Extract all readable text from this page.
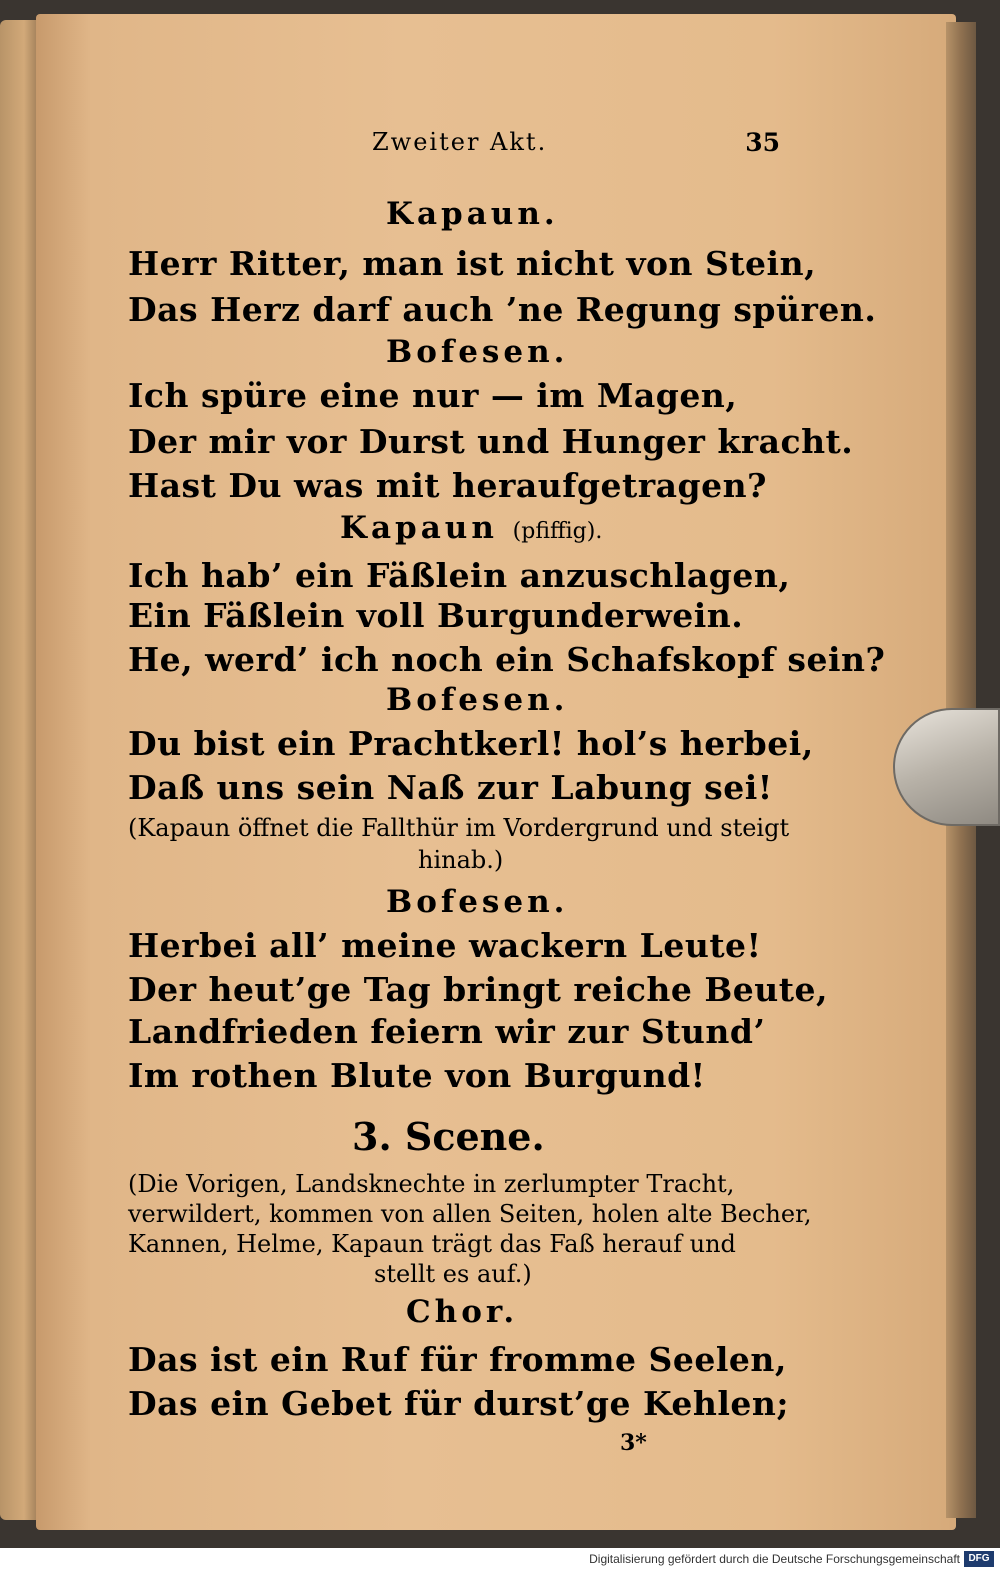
Zweiter Akt.	35
Kapaun.
Herr Ritter, man ist nicht von Stein,
Das Herz darf auch ’ne Regung spüren.
Bofesen.
Ich spüre eine nur — im Magen,
Der mir vor Durst und Hunger kracht.
Hast Du was mit heraufgetragen?
Kapaun (pfiffig).
Ich hab’ ein Fäßlein anzuschlagen,
Ein Fäßlein voll Burgunderwein.
He, werd’ ich noch ein Schafskopf sein?
Bofesen.
Du bist ein Prachtkerl! hol’s herbei,
Daß uns sein Naß zur Labung sei!
(Kapaun öffnet die Fallthür im Vordergrund und steigt
hinab.)
Bofesen.
Herbei all’ meine wackern Leute!
Der heut’ge Tag bringt reiche Beute,
Landfrieden feiern wir zur Stund’
Im rothen Blute von Burgund!
3. Scene.
(Die Vorigen, Landsknechte in zerlumpter Tracht,
verwildert, kommen von allen Seiten, holen alte Becher,
Kannen, Helme, Kapaun trägt das Faß herauf und
stellt es auf.)
Chor.
Das ist ein Ruf für fromme Seelen,
Das ein Gebet für durst’ge Kehlen;
3*
Digitalisierung gefördert durch die Deutsche Forschungsgemeinschaft DFG
